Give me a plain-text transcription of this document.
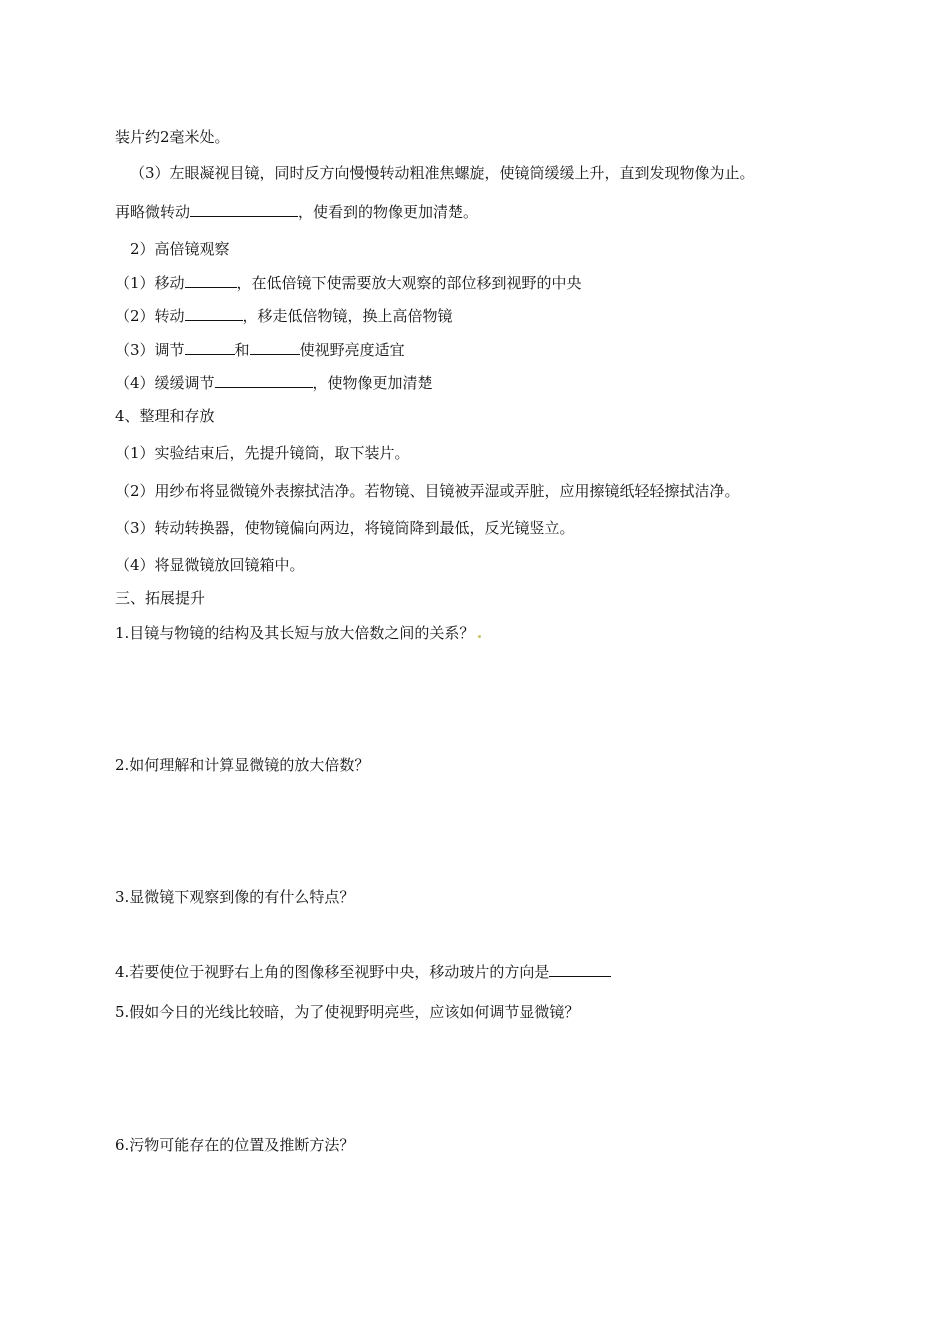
装片约2毫米处。
（3）左眼凝视目镜，同时反方向慢慢转动粗准焦螺旋，使镜筒缓缓上升，直到发现物像为止。
再略微转动	，使看到的物像更加清楚。
2）高倍镜观察
（1）移动	，在低倍镜下使需要放大观察的部位移到视野的中央
（2）转动	，移走低倍物镜，换上高倍物镜
（3）调节	和	使视野亮度适宜
（4）缓缓调节	，使物像更加清楚
4、整理和存放
（1）实验结束后，先提升镜筒，取下装片。
（2）用纱布将显微镜外表擦拭洁净。若物镜、目镜被弄湿或弄脏，应用擦镜纸轻轻擦拭洁净。
（3）转动转换器，使物镜偏向两边，将镜筒降到最低，反光镜竖立。
（4）将显微镜放回镜箱中。
三、拓展提升
1.目镜与物镜的结构及其长短与放大倍数之间的关系？
2.如何理解和计算显微镜的放大倍数？
3.显微镜下观察到像的有什么特点？
4.若要使位于视野右上角的图像移至视野中央，移动玻片的方向是
5.假如今日的光线比较暗，为了使视野明亮些，应该如何调节显微镜？
6.污物可能存在的位置及推断方法？
